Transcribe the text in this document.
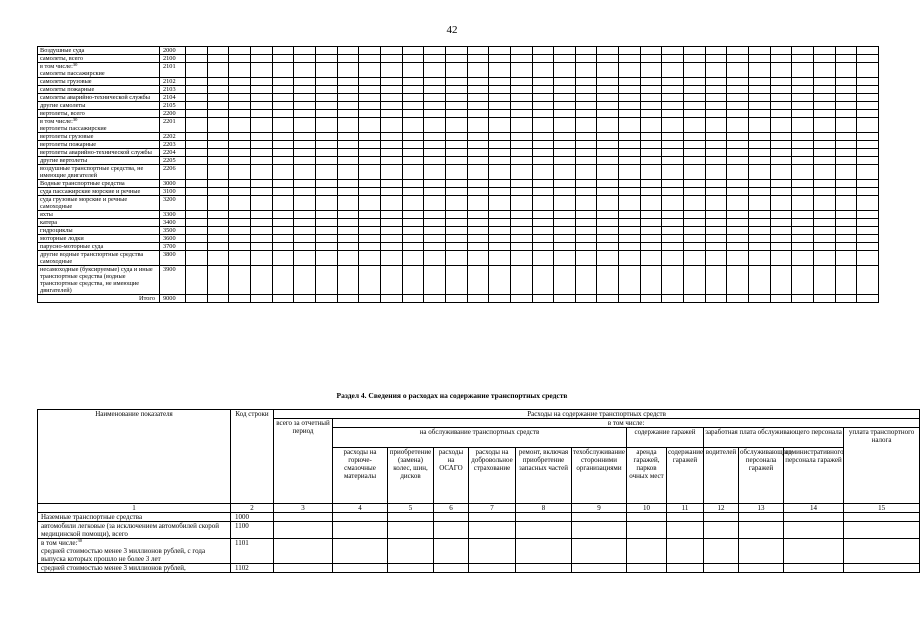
42
Воздушные суда	2000																																
самолеты, всего	2100																																
в том числе:$^{30}$
самолеты пассажирские	2101																																
самолеты грузовые	2102																																
самолеты пожарные	2103																																
самолеты аварийно-технической службы	2104																																
другие самолеты	2105																																
вертолеты, всего	2200																																
в том числе:$^{30}$
вертолеты пассажирские	2201																																
вертолеты грузовые	2202																																
вертолеты пожарные	2203																																
вертолеты аварийно-технической службы	2204																																
другие вертолеты	2205																																
воздушные транспортные средства, не имеющие двигателей	2206																																
Водные транспортные средства	3000																																
суда пассажирские морские и речные	3100																																
суда грузовые морские и речные самоходные	3200																																
яхты	3300																																
катера	3400																																
гидроциклы	3500																																
моторные лодки	3600																																
парусно-моторные суда	3700																																
другие водные транспортные средства самоходные	3800																																
несамоходные (буксируемые) суда и иные транспортные средства (водные транспортные средства, не имеющие двигателей)	3900																																
Итого	9000																																
Раздел 4. Сведения о расходах на содержание транспортных средств
Наименование показателя	Код строки	Расходы на содержание транспортных средств												
		всего за отчетный период	в том числе:											
			на обслуживание транспортных средств						содержание гаражей		заработная плата обслуживающего персонала			уплата транспортного налога
			расходы на горюче-смазочные материалы	приобретение (замена) колес, шин, дисков	расходы на ОСАГО	расходы на добровольное страхование	ремонт, включая приобретение запасных частей	техобслуживание сторонними организациями	аренда гаражей, парков очных мест	содержание гаражей	водителей	обслуживающего персонала гаражей	административного персонала гаражей	
1	2	3	4	5	6	7	8	9	10	11	12	13	14	15
Наземные транспортные средства	1000													
автомобили легковые (за исключением автомобилей скорой медицинской помощи), всего	1100													
в том числе:$^{30}$
средней стоимостью менее 3 миллионов рублей, с года выпуска которых прошло не более 3 лет	1101													
средней стоимостью менее 3 миллионов рублей,	1102													
